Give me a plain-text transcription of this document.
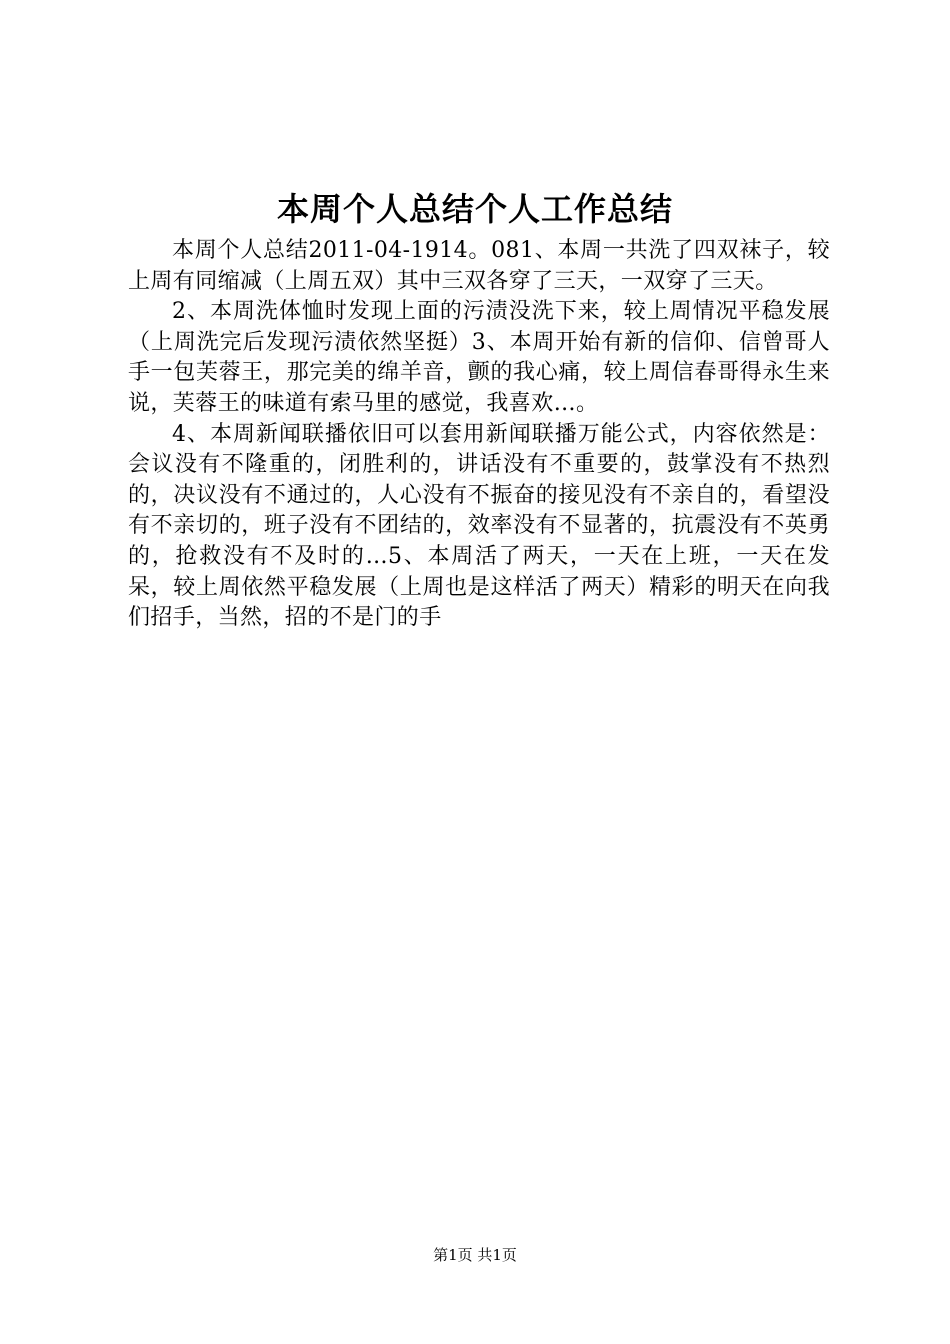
本周个人总结个人工作总结

本周个人总结2011-04-1914。081、本周一共洗了四双袜子，较上周有同缩减（上周五双）其中三双各穿了三天，一双穿了三天。

2、本周洗体恤时发现上面的污渍没洗下来，较上周情况平稳发展（上周洗完后发现污渍依然坚挺）3、本周开始有新的信仰、信曾哥人手一包芙蓉王，那完美的绵羊音，颤的我心痛，较上周信春哥得永生来说，芙蓉王的味道有索马里的感觉，我喜欢…。

4、本周新闻联播依旧可以套用新闻联播万能公式，内容依然是：会议没有不隆重的，闭胜利的，讲话没有不重要的，鼓掌没有不热烈的，决议没有不通过的，人心没有不振奋的接见没有不亲自的，看望没有不亲切的，班子没有不团结的，效率没有不显著的，抗震没有不英勇的，抢救没有不及时的…5、本周活了两天，一天在上班，一天在发呆，较上周依然平稳发展（上周也是这样活了两天）精彩的明天在向我们招手，当然，招的不是门的手

第1页 共1页
